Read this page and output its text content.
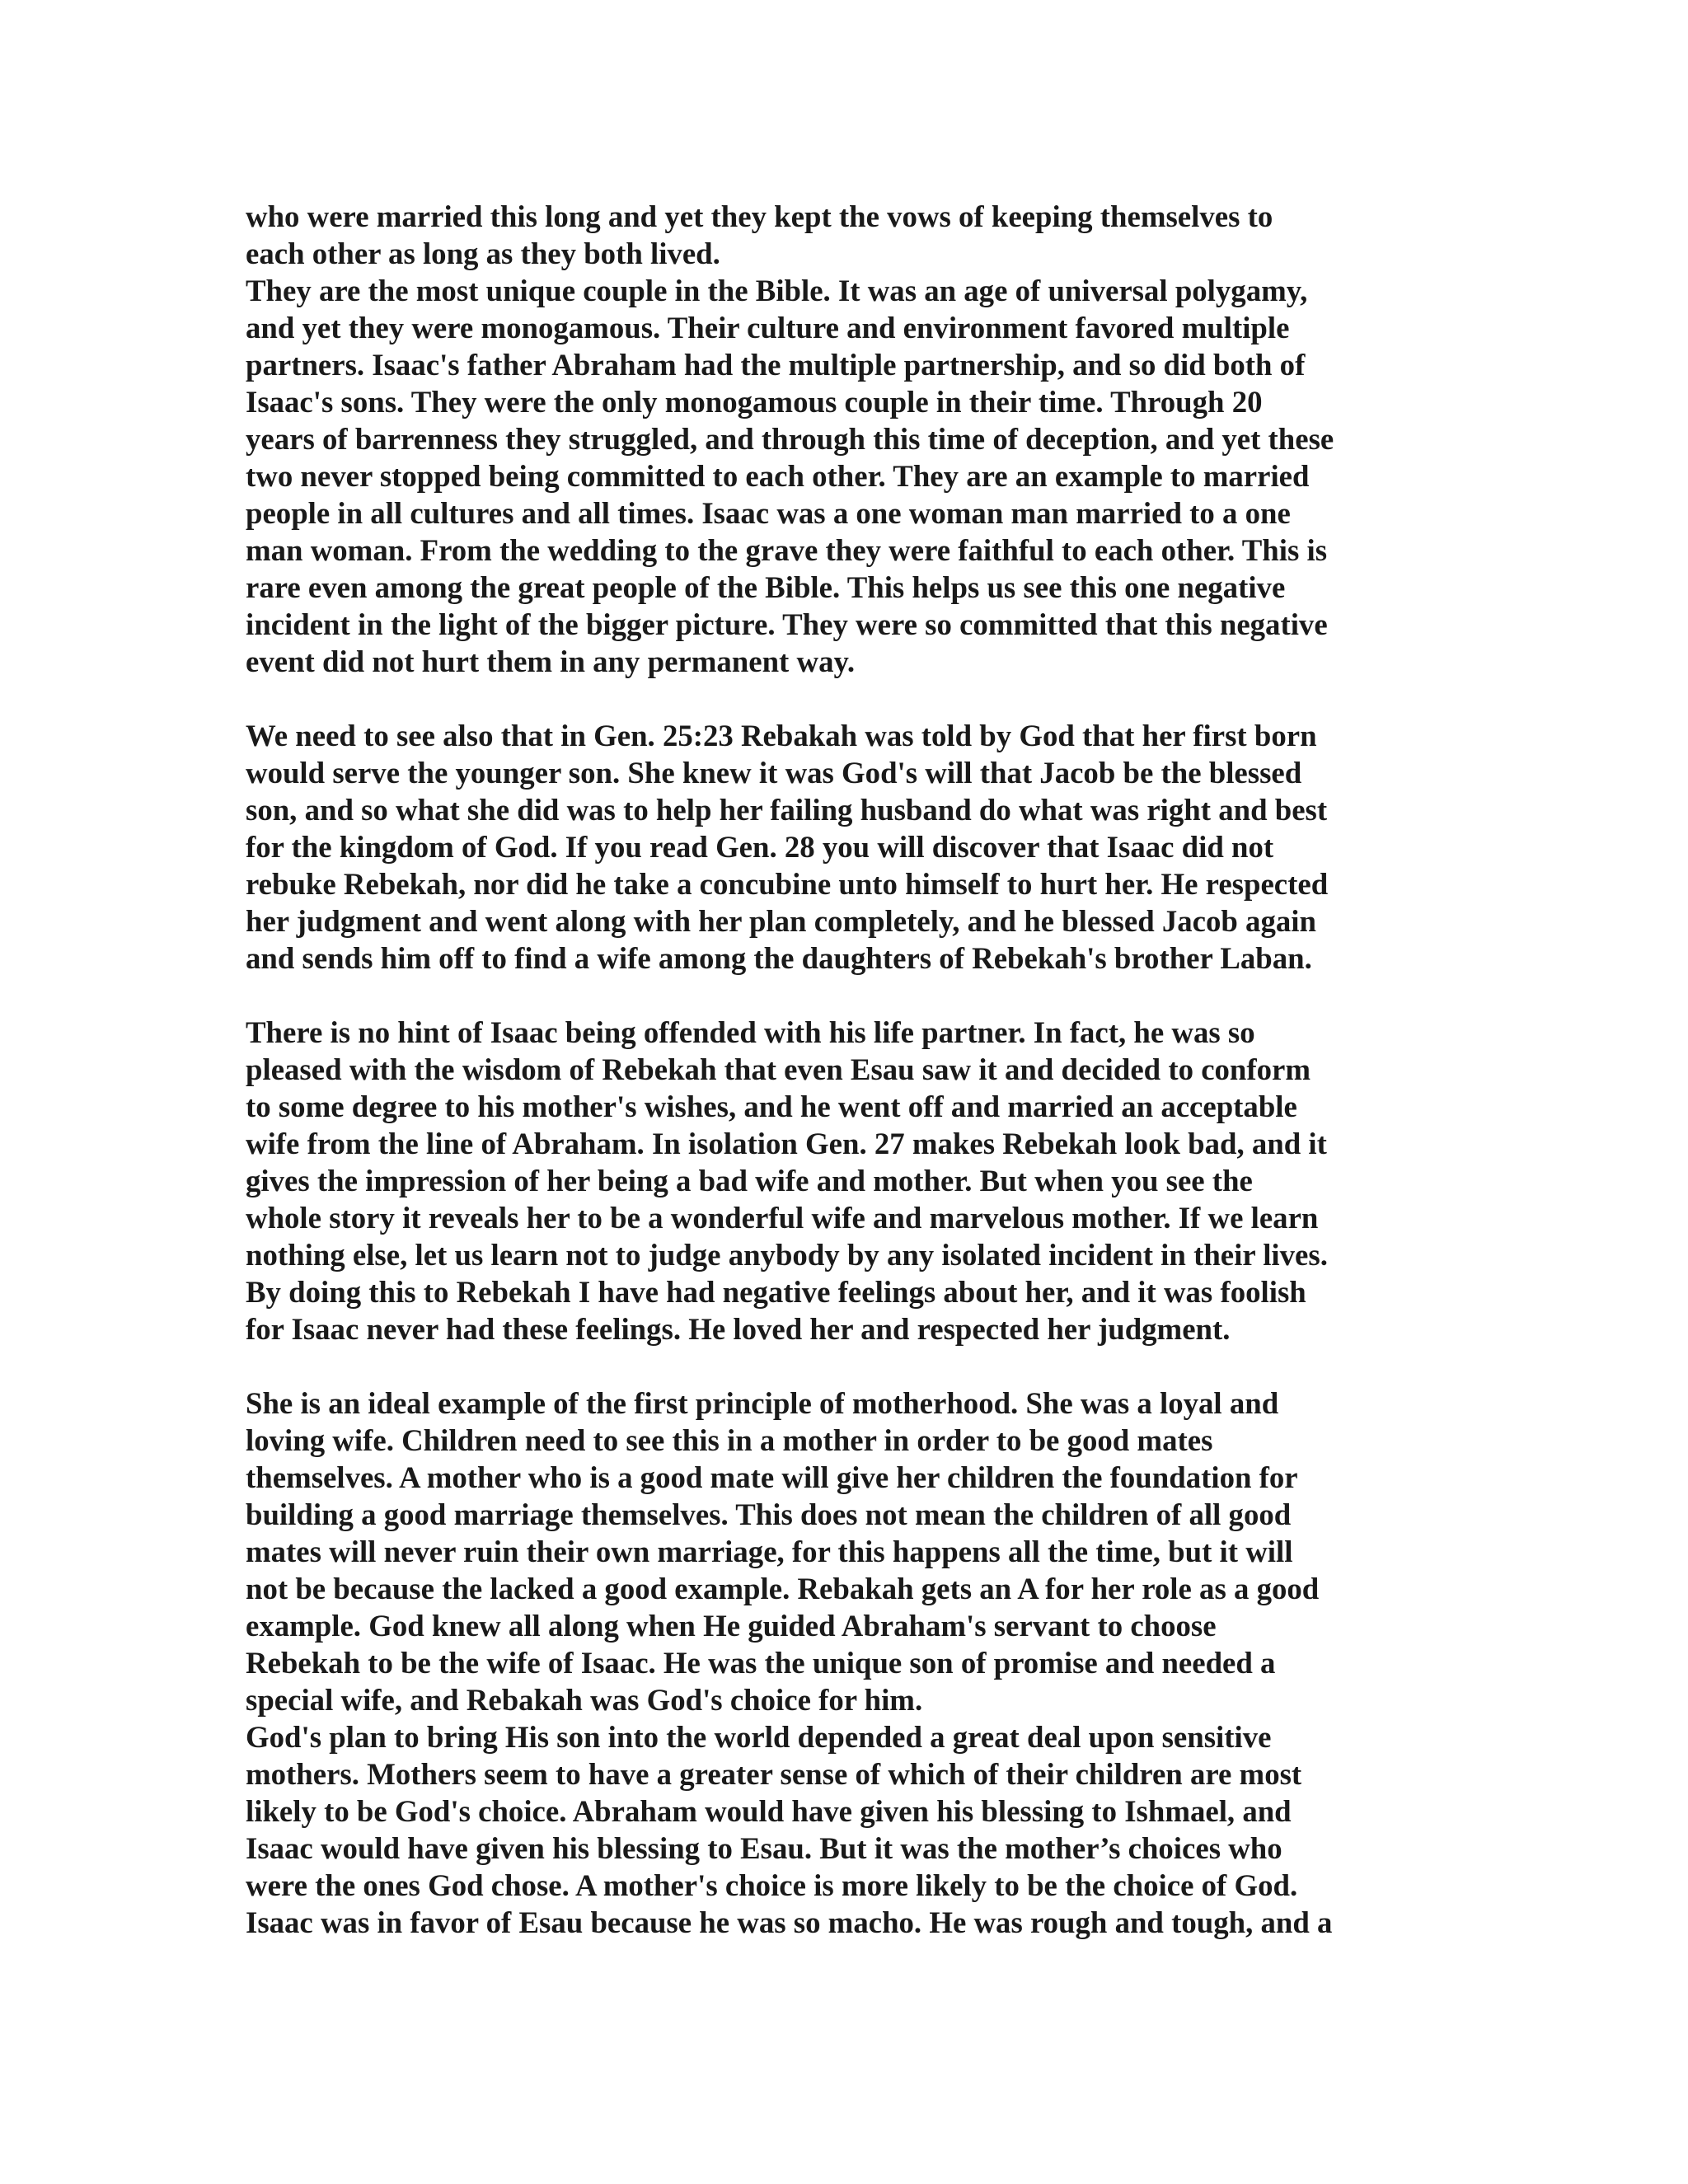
who were married this long and yet they kept the vows of keeping themselves to
each other as long as they both lived.
They are the most unique couple in the Bible. It was an age of universal polygamy,
and yet they were monogamous. Their culture and environment favored multiple
partners. Isaac's father Abraham had the multiple partnership, and so did both of
Isaac's sons. They were the only monogamous couple in their time. Through 20
years of barrenness they struggled, and through this time of deception, and yet these
two never stopped being committed to each other. They are an example to married
people in all cultures and all times. Isaac was a one woman man married to a one
man woman. From the wedding to the grave they were faithful to each other. This is
rare even among the great people of the Bible. This helps us see this one negative
incident in the light of the bigger picture. They were so committed that this negative
event did not hurt them in any permanent way.
We need to see also that in Gen. 25:23 Rebakah was told by God that her first born
would serve the younger son. She knew it was God's will that Jacob be the blessed
son, and so what she did was to help her failing husband do what was right and best
for the kingdom of God. If you read Gen. 28 you will discover that Isaac did not
rebuke Rebekah, nor did he take a concubine unto himself to hurt her. He respected
her judgment and went along with her plan completely, and he blessed Jacob again
and sends him off to find a wife among the daughters of Rebekah's brother Laban.
There is no hint of Isaac being offended with his life partner. In fact, he was so
pleased with the wisdom of Rebekah that even Esau saw it and decided to conform
to some degree to his mother's wishes, and he went off and married an acceptable
wife from the line of Abraham. In isolation Gen. 27 makes Rebekah look bad, and it
gives the impression of her being a bad wife and mother. But when you see the
whole story it reveals her to be a wonderful wife and marvelous mother. If we learn
nothing else, let us learn not to judge anybody by any isolated incident in their lives.
By doing this to Rebekah I have had negative feelings about her, and it was foolish
for Isaac never had these feelings. He loved her and respected her judgment.
She is an ideal example of the first principle of motherhood. She was a loyal and
loving wife. Children need to see this in a mother in order to be good mates
themselves. A mother who is a good mate will give her children the foundation for
building a good marriage themselves. This does not mean the children of all good
mates will never ruin their own marriage, for this happens all the time, but it will
not be because the lacked a good example. Rebakah gets an A for her role as a good
example. God knew all along when He guided Abraham's servant to choose
Rebekah to be the wife of Isaac. He was the unique son of promise and needed a
special wife, and Rebakah was God's choice for him.
God's plan to bring His son into the world depended a great deal upon sensitive
mothers. Mothers seem to have a greater sense of which of their children are most
likely to be God's choice. Abraham would have given his blessing to Ishmael, and
Isaac would have given his blessing to Esau. But it was the mother’s choices who
were the ones God chose. A mother's choice is more likely to be the choice of God.
Isaac was in favor of Esau because he was so macho. He was rough and tough, and a
